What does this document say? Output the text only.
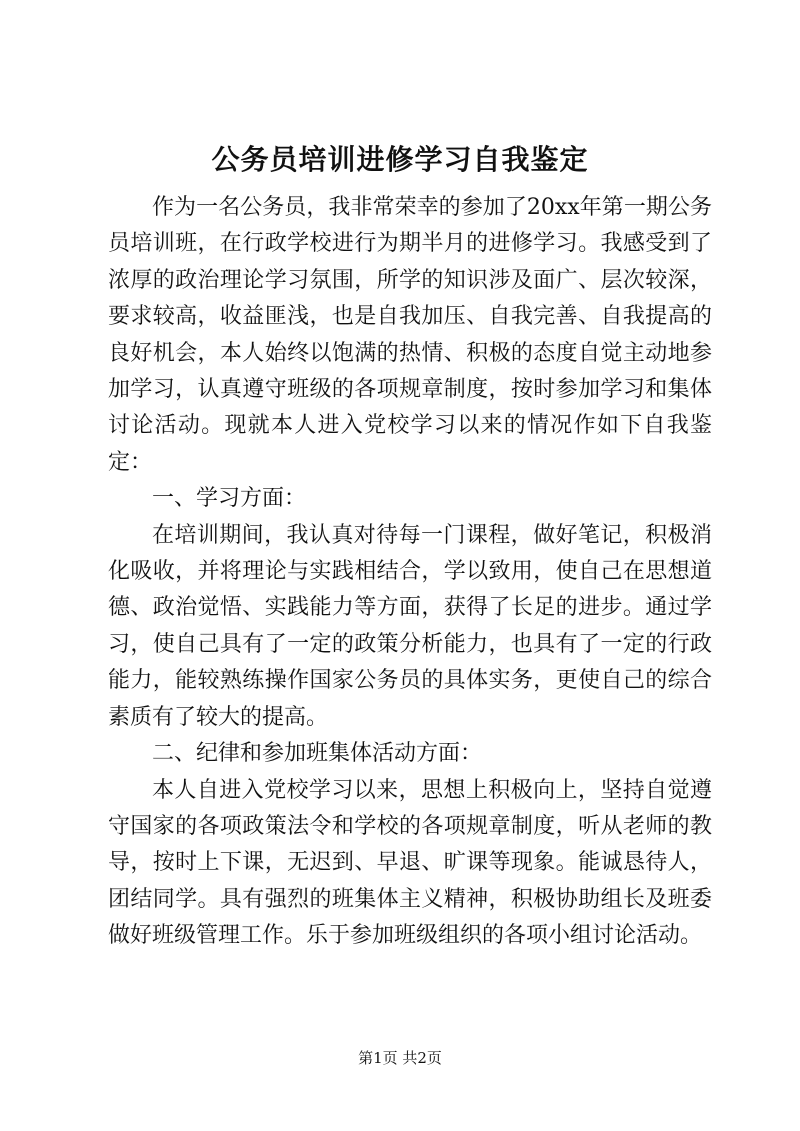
公务员培训进修学习自我鉴定

作为一名公务员，我非常荣幸的参加了20xx年第一期公务员培训班，在行政学校进行为期半月的进修学习。我感受到了浓厚的政治理论学习氛围，所学的知识涉及面广、层次较深，要求较高，收益匪浅，也是自我加压、自我完善、自我提高的良好机会，本人始终以饱满的热情、积极的态度自觉主动地参加学习，认真遵守班级的各项规章制度，按时参加学习和集体讨论活动。现就本人进入党校学习以来的情况作如下自我鉴定：

一、学习方面：

在培训期间，我认真对待每一门课程，做好笔记，积极消化吸收，并将理论与实践相结合，学以致用，使自己在思想道德、政治觉悟、实践能力等方面，获得了长足的进步。通过学习，使自己具有了一定的政策分析能力，也具有了一定的行政能力，能较熟练操作国家公务员的具体实务，更使自己的综合素质有了较大的提高。

二、纪律和参加班集体活动方面：

本人自进入党校学习以来，思想上积极向上，坚持自觉遵守国家的各项政策法令和学校的各项规章制度，听从老师的教导，按时上下课，无迟到、早退、旷课等现象。能诚恳待人，团结同学。具有强烈的班集体主义精神，积极协助组长及班委做好班级管理工作。乐于参加班级组织的各项小组讨论活动。

第1页 共2页
